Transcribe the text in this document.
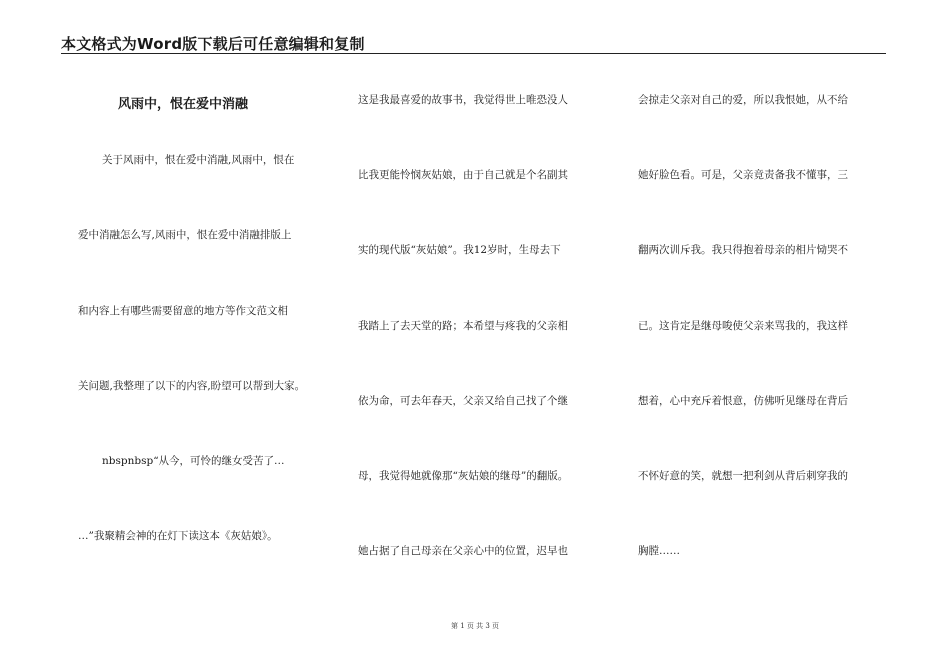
本文格式为Word版下载后可任意编辑和复制
风雨中，恨在爱中消融
关于风雨中，恨在爱中消融,风雨中，恨在
爱中消融怎么写,风雨中，恨在爱中消融排版上
和内容上有哪些需要留意的地方等作文范文相
关问题,我整理了以下的内容,盼望可以帮到大家。
nbspnbsp“从今，可怜的继女受苦了…
…”我聚精会神的在灯下读这本《灰姑娘》。
这是我最喜爱的故事书，我觉得世上唯恐没人
比我更能怜悯灰姑娘，由于自己就是个名副其
实的现代版“灰姑娘”。我12岁时，生母去下
我踏上了去天堂的路；本希望与疼我的父亲相
依为命，可去年春天，父亲又给自己找了个继
母，我觉得她就像那“灰姑娘的继母”的翻版。
她占据了自己母亲在父亲心中的位置，迟早也
会掠走父亲对自己的爱，所以我恨她，从不给
她好脸色看。可是，父亲竟责备我不懂事，三
翻两次训斥我。我只得抱着母亲的相片恸哭不
已。这肯定是继母唆使父亲来骂我的，我这样
想着，心中充斥着恨意，仿佛听见继母在背后
不怀好意的笑，就想一把利剑从背后刺穿我的
胸膛……
第 1 页 共 3 页
